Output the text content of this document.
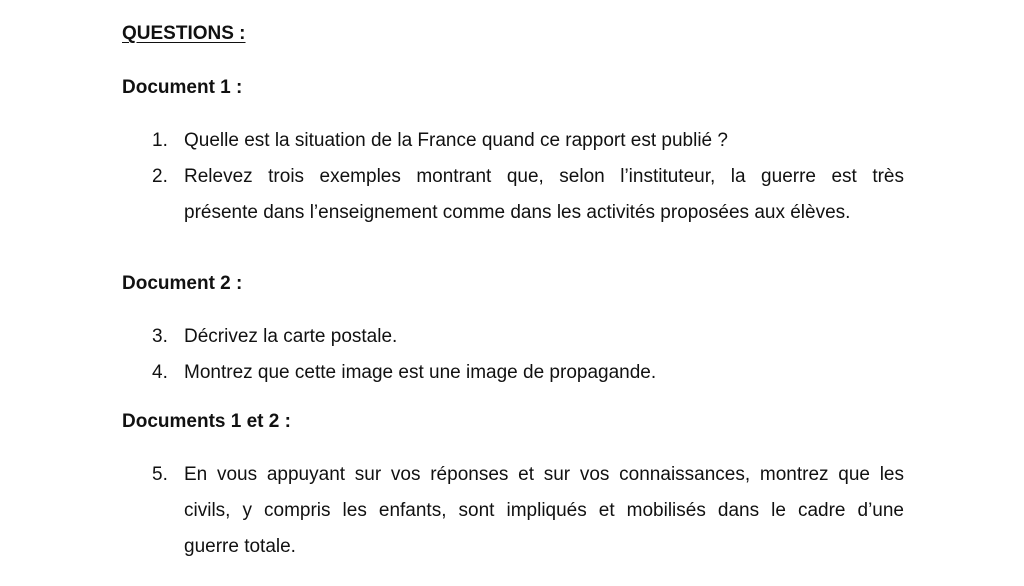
QUESTIONS :
Document 1 :
1. Quelle est la situation de la France quand ce rapport est publié ?
2. Relevez trois exemples montrant que, selon l’instituteur, la guerre est très
présente dans l’enseignement comme dans les activités proposées aux élèves.
Document 2 :
3. Décrivez la carte postale.
4. Montrez que cette image est une image de propagande.
Documents 1 et 2 :
5. En vous appuyant sur vos réponses et sur vos connaissances, montrez que les
civils, y compris les enfants, sont impliqués et mobilisés dans le cadre d’une
guerre totale.
